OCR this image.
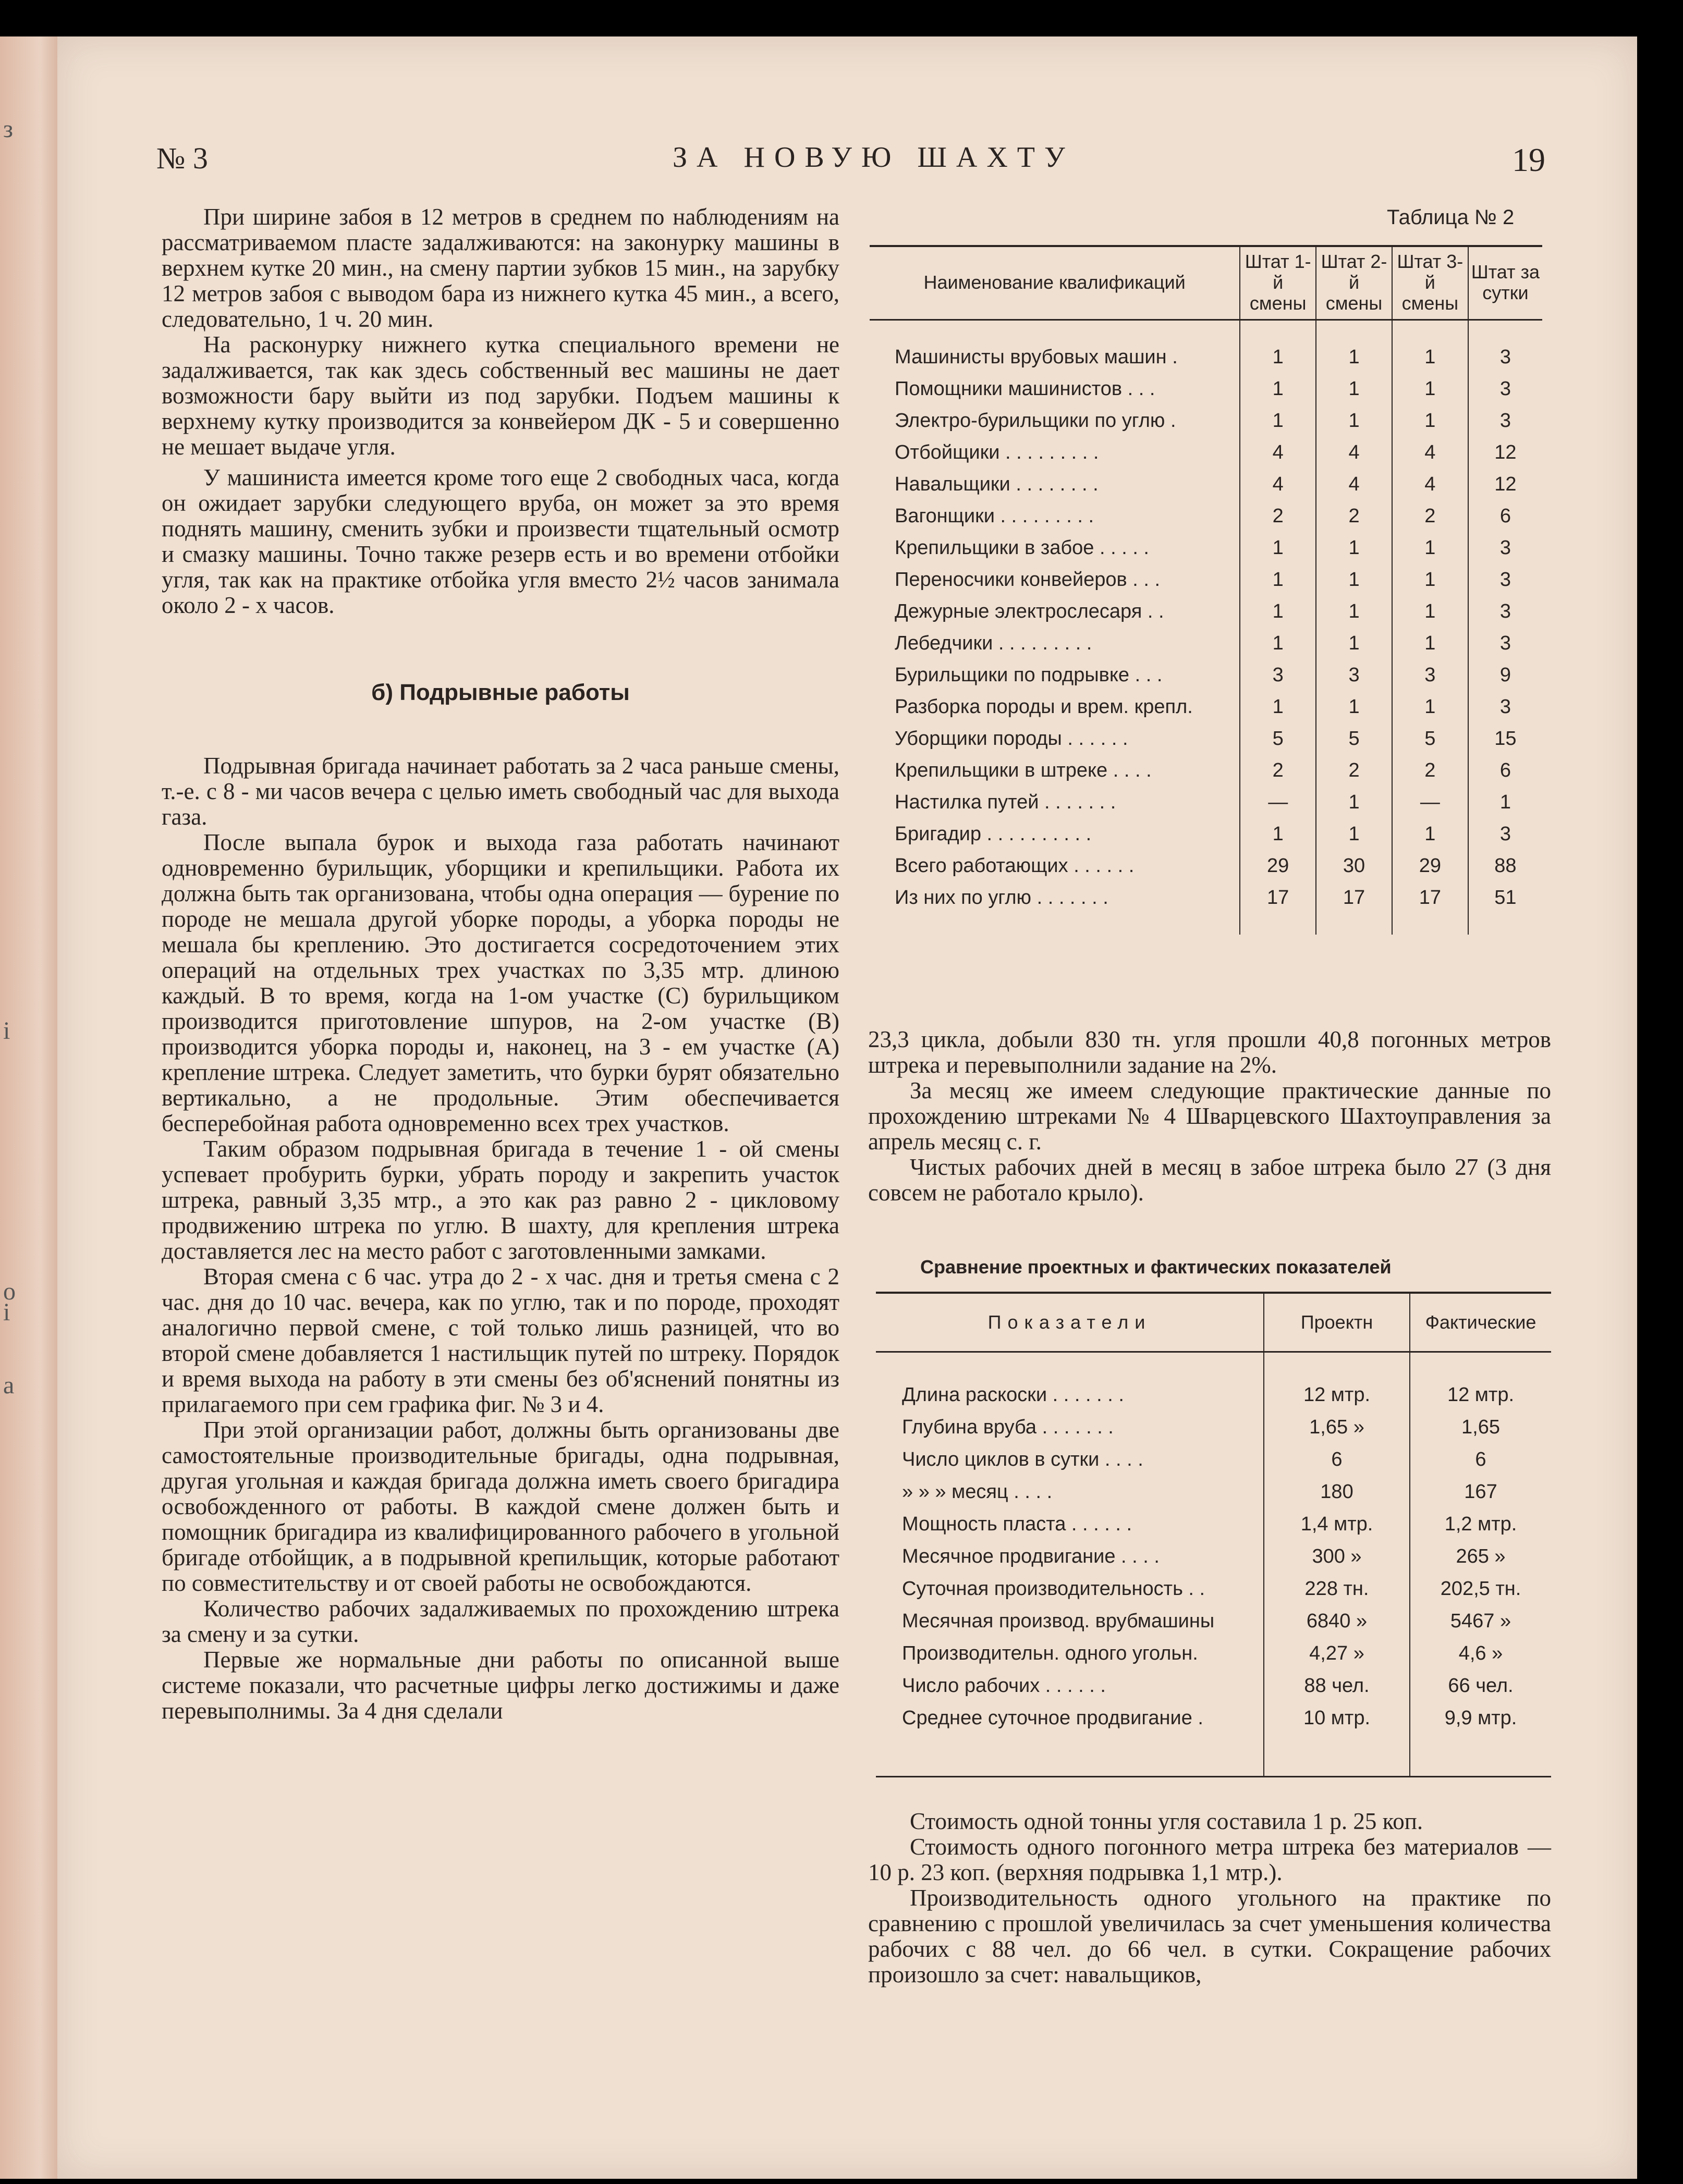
з
і
о
і
а
№ 3	ЗА НОВУЮ ШАХТУ	19

При ширине забоя в 12 метров в среднем по наблюдениям на рассматриваемом пласте задалживаются: на законурку машины в верхнем кутке 20 мин., на смену партии зубков 15 мин., на зарубку 12 метров забоя с выводом бара из нижнего кутка 45 мин., а всего, следовательно, 1 ч. 20 мин.

На расконурку нижнего кутка специального времени не задалживается, так как здесь собственный вес машины не дает возможности бару выйти из под зарубки. Подъем машины к верхнему кутку производится за конвейером ДК - 5 и совершенно не мешает выдаче угля.

У машиниста имеется кроме того еще 2 свободных часа, когда он ожидает зарубки следующего вруба, он может за это время поднять машину, сменить зубки и произвести тщательный осмотр и смазку машины. Точно также резерв есть и во времени отбойки угля, так как на практике отбойка угля вместо 2½ часов занимала около 2 - х часов.

б) Подрывные работы

Подрывная бригада начинает работать за 2 часа раньше смены, т.-е. с 8 - ми часов вечера с целью иметь свободный час для выхода газа.

После выпала бурок и выхода газа работать начинают одновременно бурильщик, уборщики и крепильщики. Работа их должна быть так организована, чтобы одна операция — бурение по породе не мешала другой уборке породы, а уборка породы не мешала бы креплению. Это достигается сосредоточением этих операций на отдельных трех участках по 3,35 мтр. длиною каждый. В то время, когда на 1-ом участке (С) бурильщиком производится приготовление шпуров, на 2-ом участке (В) производится уборка породы и, наконец, на 3 - ем участке (А) крепление штрека. Следует заметить, что бурки бурят обязательно вертикально, а не продольные. Этим обеспечивается бесперебойная работа одновременно всех трех участков.

Таким образом подрывная бригада в течение 1 - ой смены успевает пробурить бурки, убрать породу и закрепить участок штрека, равный 3,35 мтр., а это как раз равно 2 - цикловому продвижению штрека по углю. В шахту, для крепления штрека доставляется лес на место работ с заготовленными замками.

Вторая смена с 6 час. утра до 2 - х час. дня и третья смена с 2 час. дня до 10 час. вечера, как по углю, так и по породе, проходят аналогично первой смене, с той только лишь разницей, что во второй смене добавляется 1 настильщик путей по штреку. Порядок и время выхода на работу в эти смены без об'яснений понятны из прилагаемого при сем графика фиг. № 3 и 4.

При этой организации работ, должны быть организованы две самостоятельные производительные бригады, одна подрывная, другая угольная и каждая бригада должна иметь своего бригадира освобожденного от работы. В каждой смене должен быть и помощник бригадира из квалифицированного рабочего в угольной бригаде отбойщик, а в подрывной крепильщик, которые работают по совместительству и от своей работы не освобождаются.

Количество рабочих задалживаемых по прохождению штрека за смену и за сутки.

Первые же нормальные дни работы по описанной выше системе показали, что расчетные цифры легко достижимы и даже перевыполнимы. За 4 дня сделали

Таблица № 2
Наименование квалификаций	Штат 1-й смены	Штат 2-й смены	Штат 3-й смены	Штат за сутки
Машинисты врубовых машин .	1	1	1	3
Помощники машинистов . . .	1	1	1	3
Электро-бурильщики по углю .	1	1	1	3
Отбойщики . . . . . . . . .	4	4	4	12
Навальщики . . . . . . . .	4	4	4	12
Вагонщики . . . . . . . . .	2	2	2	6
Крепильщики в забое . . . . .	1	1	1	3
Переносчики конвейеров . . .	1	1	1	3
Дежурные электрослесаря . .	1	1	1	3
Лебедчики . . . . . . . . .	1	1	1	3
Бурильщики по подрывке . . .	3	3	3	9
Разборка породы и врем. крепл.	1	1	1	3
Уборщики породы . . . . . .	5	5	5	15
Крепильщики в штреке . . . .	2	2	2	6
Настилка путей . . . . . . .	—	1	—	1
Бригадир . . . . . . . . . .	1	1	1	3
Всего работающих . . . . . .	29	30	29	88
Из них по углю . . . . . . .	17	17	17	51

23,3 цикла, добыли 830 тн. угля прошли 40,8 погонных метров штрека и перевыполнили задание на 2%.

За месяц же имеем следующие практические данные по прохождению штреками № 4 Шварцевского Шахтоуправления за апрель месяц с. г.

Чистых рабочих дней в месяц в забое штрека было 27 (3 дня совсем не работало крыло).

Сравнение проектных и фактических показателей
Показатели	Проектн	Фактические
Длина раскоски . . . . . . .	12 мтр.	12 мтр.
Глубина вруба . . . . . . .	1,65 »	1,65
Число циклов в сутки . . . .	6	6
» » » месяц . . . .	180	167
Мощность пласта . . . . . .	1,4 мтр.	1,2 мтр.
Месячное продвигание . . . .	300 »	265 »
Суточная производительность . .	228 тн.	202,5 тн.
Месячная производ. врубмашины	6840 »	5467 »
Производительн. одного угольн.	4,27 »	4,6 »
Число рабочих . . . . . .	88 чел.	66 чел.
Среднее суточное продвигание .	10 мтр.	9,9 мтр.

Стоимость одной тонны угля составила 1 р. 25 коп.

Стоимость одного погонного метра штрека без материалов — 10 р. 23 коп. (верхняя подрывка 1,1 мтр.).

Производительность одного угольного на практике по сравнению с прошлой увеличилась за счет уменьшения количества рабочих с 88 чел. до 66 чел. в сутки. Сокращение рабочих произошло за счет: навальщиков,
